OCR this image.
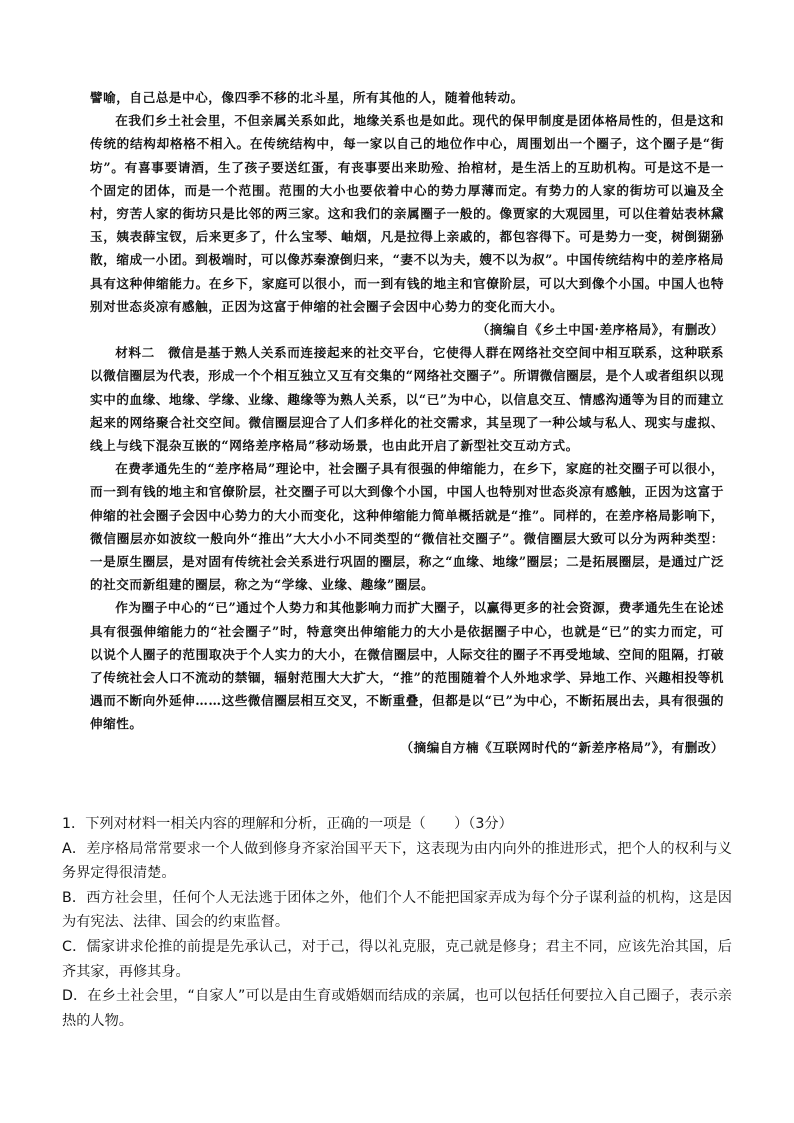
譬喻，自己总是中心，像四季不移的北斗星，所有其他的人，随着他转动。

在我们乡土社会里，不但亲属关系如此，地缘关系也是如此。现代的保甲制度是团体格局性的，但是这和传统的结构却格格不相入。在传统结构中，每一家以自己的地位作中心，周围划出一个圈子，这个圈子是“街坊”。有喜事要请酒，生了孩子要送红蛋，有丧事要出来助殓、抬棺材，是生活上的互助机构。可是这不是一个固定的团体，而是一个范围。范围的大小也要依着中心的势力厚薄而定。有势力的人家的街坊可以遍及全村，穷苦人家的街坊只是比邻的两三家。这和我们的亲属圈子一般的。像贾家的大观园里，可以住着姑表林黛玉，姨表薛宝钗，后来更多了，什么宝琴、岫烟，凡是拉得上亲戚的，都包容得下。可是势力一变，树倒猢狲散，缩成一小团。到极端时，可以像苏秦潦倒归来，“妻不以为夫，嫂不以为叔”。中国传统结构中的差序格局具有这种伸缩能力。在乡下，家庭可以很小，而一到有钱的地主和官僚阶层，可以大到像个小国。中国人也特别对世态炎凉有感触，正因为这富于伸缩的社会圈子会因中心势力的变化而大小。

（摘编自《乡土中国·差序格局》，有删改）

材料二　微信是基于熟人关系而连接起来的社交平台，它使得人群在网络社交空间中相互联系，这种联系以微信圈层为代表，形成一个个相互独立又互有交集的“网络社交圈子”。所谓微信圈层，是个人或者组织以现实中的血缘、地缘、学缘、业缘、趣缘等为熟人关系，以“已”为中心，以信息交互、情感沟通等为目的而建立起来的网络聚合社交空间。微信圈层迎合了人们多样化的社交需求，其呈现了一种公域与私人、现实与虚拟、线上与线下混杂互嵌的“网络差序格局”移动场景，也由此开启了新型社交互动方式。

在费孝通先生的“差序格局”理论中，社会圈子具有很强的伸缩能力，在乡下，家庭的社交圈子可以很小，而一到有钱的地主和官僚阶层，社交圈子可以大到像个小国，中国人也特别对世态炎凉有感触，正因为这富于伸缩的社会圈子会因中心势力的大小而变化，这种伸缩能力简单概括就是“推”。同样的，在差序格局影响下，微信圈层亦如波纹一般向外“推出”大大小小不同类型的“微信社交圈子”。微信圈层大致可以分为两种类型：一是原生圈层，是对固有传统社会关系进行巩固的圈层，称之“血缘、地缘”圈层；二是拓展圈层，是通过广泛的社交而新组建的圈层，称之为“学缘、业缘、趣缘”圈层。

作为圈子中心的“已”通过个人势力和其他影响力而扩大圈子，以赢得更多的社会资源，费孝通先生在论述具有很强伸缩能力的“社会圈子”时，特意突出伸缩能力的大小是依据圈子中心，也就是“已”的实力而定，可以说个人圈子的范围取决于个人实力的大小，在微信圈层中，人际交往的圈子不再受地域、空间的阻隔，打破了传统社会人口不流动的禁锢，辐射范围大大扩大，“推”的范围随着个人外地求学、异地工作、兴趣相投等机遇而不断向外延伸……这些微信圈层相互交叉，不断重叠，但都是以“已”为中心，不断拓展出去，具有很强的伸缩性。

（摘编自方楠《互联网时代的“新差序格局”》，有删改）

1．下列对材料一相关内容的理解和分析，正确的一项是（　　）（3分）

A．差序格局常常要求一个人做到修身齐家治国平天下，这表现为由内向外的推进形式，把个人的权利与义务界定得很清楚。

B．西方社会里，任何个人无法逃于团体之外，他们个人不能把国家弄成为每个分子谋利益的机构，这是因为有宪法、法律、国会的约束监督。

C．儒家讲求伦推的前提是先承认己，对于己，得以礼克服，克己就是修身；君主不同，应该先治其国，后齐其家，再修其身。

D．在乡土社会里，“自家人”可以是由生育或婚姻而结成的亲属，也可以包括任何要拉入自己圈子，表示亲热的人物。
